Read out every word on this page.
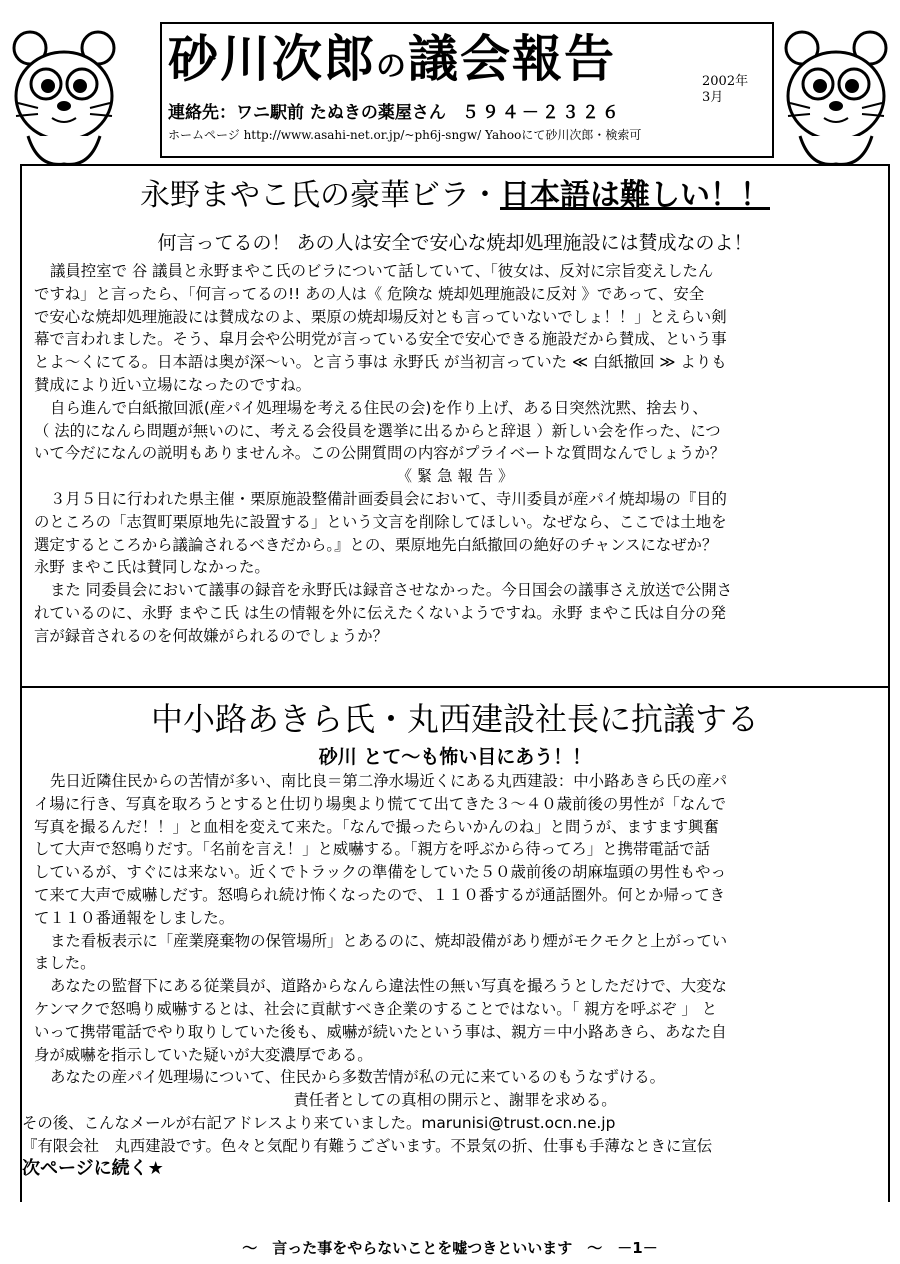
砂川次郎の議会報告	2002年
3月
連絡先：ワニ駅前 たぬきの薬屋さん ５９４－２３２６
ホームページ http://www.asahi-net.or.jp/~ph6j-sngw/ Yahooにて砂川次郎・検索可
永野まやこ氏の豪華ビラ・日本語は難しい！！
何言ってるの！ あの人は安全で安心な焼却処理施設には賛成なのよ！

議員控室で 谷 議員と永野まやこ氏のビラについて話していて、「彼女は、反対に宗旨変えしたん

ですね」と言ったら、「何言ってるの!! あの人は《 危険な 焼却処理施設に反対 》であって、安全

で安心な焼却処理施設には賛成なのよ、栗原の焼却場反対とも言っていないでしょ！！」とえらい剣

幕で言われました。そう、皐月会や公明党が言っている安全で安心できる施設だから賛成、という事

とよ～くにてる。日本語は奥が深～い。と言う事は 永野氏 が当初言っていた ≪ 白紙撤回 ≫ よりも

賛成により近い立場になったのですね。

自ら進んで白紙撤回派(産パイ処理場を考える住民の会)を作り上げ、ある日突然沈黙、捨去り、

（ 法的になんら問題が無いのに、考える会役員を選挙に出るからと辞退 ）新しい会を作った、につ

いて今だになんの説明もありませんネ。この公開質問の内容がプライベートな質問なんでしょうか？

《 緊 急 報 告 》

３月５日に行われた県主催・栗原施設整備計画委員会において、寺川委員が産パイ焼却場の『目的

のところの「志賀町栗原地先に設置する」という文言を削除してほしい。なぜなら、ここでは土地を

選定するところから議論されるべきだから。』との、栗原地先白紙撤回の絶好のチャンスになぜか？

永野 まやこ氏は賛同しなかった。

また 同委員会において議事の録音を永野氏は録音させなかった。今日国会の議事さえ放送で公開さ

れているのに、永野 まやこ氏 は生の情報を外に伝えたくないようですね。永野 まやこ氏は自分の発

言が録音されるのを何故嫌がられるのでしょうか？

中小路あきら氏・丸西建設社長に抗議する
砂川 とて～も怖い目にあう！！

先日近隣住民からの苦情が多い、南比良＝第二浄水場近くにある丸西建設：中小路あきら氏の産パ

イ場に行き、写真を取ろうとすると仕切り場奥より慌てて出てきた３～４０歳前後の男性が「なんで

写真を撮るんだ！！」と血相を変えて来た。「なんで撮ったらいかんのね」と問うが、ますます興奮

して大声で怒鳴りだす。「名前を言え！」と威嚇する。「親方を呼ぶから待ってろ」と携帯電話で話

しているが、すぐには来ない。近くでトラックの準備をしていた５０歳前後の胡麻塩頭の男性もやっ

て来て大声で威嚇しだす。怒鳴られ続け怖くなったので、１１０番するが通話圏外。何とか帰ってき

て１１０番通報をしました。

また看板表示に「産業廃棄物の保管場所」とあるのに、焼却設備があり煙がモクモクと上がってい

ました。

あなたの監督下にある従業員が、道路からなんら違法性の無い写真を撮ろうとしただけで、大変な

ケンマクで怒鳴り威嚇するとは、社会に貢献すべき企業のすることではない。「 親方を呼ぶぞ 」 と

いって携帯電話でやり取りしていた後も、威嚇が続いたという事は、親方＝中小路あきら、あなた自

身が威嚇を指示していた疑いが大変濃厚である。

あなたの産パイ処理場について、住民から多数苦情が私の元に来ているのもうなずける。

責任者としての真相の開示と、謝罪を求める。

その後、こんなメールが右記アドレスより来ていました。marunisi@trust.ocn.ne.jp

『有限会社　丸西建設です。色々と気配り有難うございます。不景気の折、仕事も手薄なときに宣伝

次ページに続く★

～　言った事をやらないことを嘘つきといいます　～　－1－
